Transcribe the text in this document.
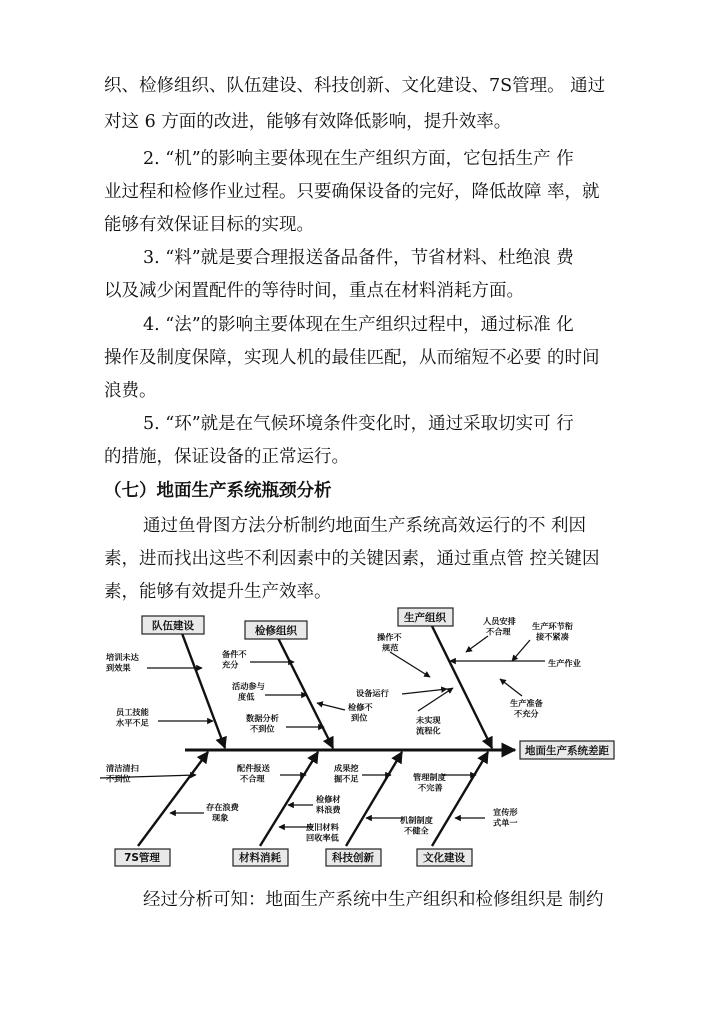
织、检修组织、队伍建设、科技创新、文化建设、7S管理。 通过
对这 6 方面的改进，能够有效降低影响，提升效率。
2. “机”的影响主要体现在生产组织方面，它包括生产 作
业过程和检修作业过程。只要确保设备的完好，降低故障 率，就
能够有效保证目标的实现。
3. “料”就是要合理报送备品备件，节省材料、杜绝浪 费
以及减少闲置配件的等待时间，重点在材料消耗方面。
4. “法”的影响主要体现在生产组织过程中，通过标准 化
操作及制度保障，实现人机的最佳匹配，从而缩短不必要 的时间
浪费。
5. “环”就是在气候环境条件变化时，通过采取切实可 行
的措施，保证设备的正常运行。
（七）地面生产系统瓶颈分析
通过鱼骨图方法分析制约地面生产系统高效运行的不 利因
素，进而找出这些不利因素中的关键因素，通过重点管 控关键因
素，能够有效提升生产效率。
地面生产系统差距
队伍建设	检修组织
生产组织
7S管理	材料消耗	科技创新	文化建设
培训未达到效果
员工技能水平不足
备件不充分
活动参与度低
数据分析不到位
检修不到位
设备运行
操作不规范
人员安排不合理
生产环节衔接不紧凑
生产作业
生产准备不充分
未实现流程化
清洁清扫不到位
存在浪费现象
配件报送不合理
检修材料浪费
废旧材料回收率低
成果挖掘不足
机制制度不健全
管理制度不完善
宣传形式单一
经过分析可知：地面生产系统中生产组织和检修组织是 制约
